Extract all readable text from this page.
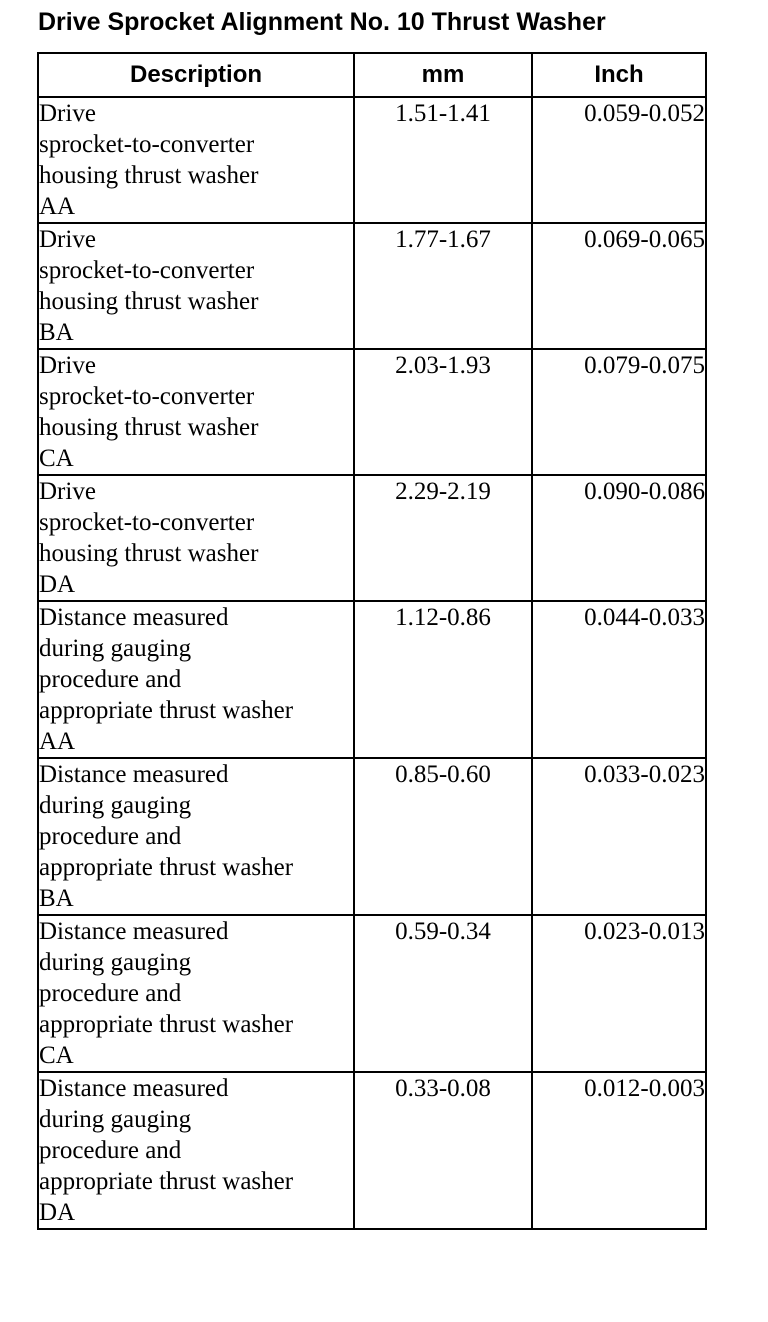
Drive Sprocket Alignment No. 10 Thrust Washer
Description	mm	Inch

Drive
sprocket-to-converter
housing thrust washer
AA	1.51-1.41	0.059-0.052

Drive
sprocket-to-converter
housing thrust washer
BA	1.77-1.67	0.069-0.065

Drive
sprocket-to-converter
housing thrust washer
CA	2.03-1.93	0.079-0.075

Drive
sprocket-to-converter
housing thrust washer
DA	2.29-2.19	0.090-0.086

Distance measured
during gauging
procedure and
appropriate thrust washer
AA	1.12-0.86	0.044-0.033

Distance measured
during gauging
procedure and
appropriate thrust washer
BA	0.85-0.60	0.033-0.023

Distance measured
during gauging
procedure and
appropriate thrust washer
CA	0.59-0.34	0.023-0.013

Distance measured
during gauging
procedure and
appropriate thrust washer
DA	0.33-0.08	0.012-0.003
